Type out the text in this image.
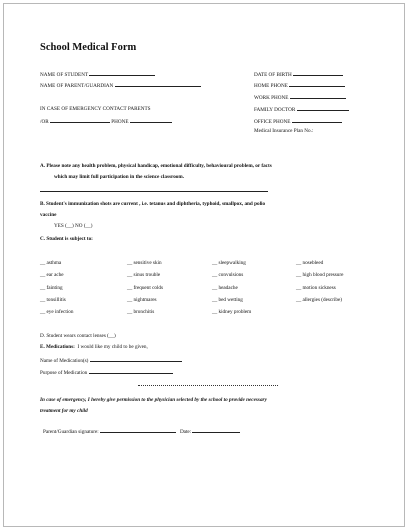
School Medical Form
NAME OF STUDENT
NAME OF PARENT/GUARDIAN
IN CASE OF EMERGENCY CONTACT PARENTS
/OR	PHONE
DATE OF BIRTH
HOME PHONE
WORK PHONE
FAMILY DOCTOR
OFFICE PHONE
Medical Insurance Plan No.:
A. Please note any health problem, physical handicap, emotional difficulty, behavioural problem, or facts
which may limit full participation in the science classroom.
B. Student's immunization shots are current , i.e. tetanus and diphtheria, typhoid, smallpox, and polio
vaccine
YES (__) NO (__)
C. Student is subject to:
__ asthma	__ sensitive skin	__ sleepwalking	__ nosebleed
__ ear ache	__ sinus trouble	__ convulsions	__ high blood pressure
__ fainting	__ frequent colds	__ headache	__ motion sickness
__ tonsillitis	__ nightmares	__ bed wetting	__ allergies (describe)
__ eye infection	__ bronchitis	__ kidney problem
D. Student wears contact lenses (__)
E. Medications: I would like my child to be given,
Name of Medication(s)
Purpose of Medication
In case of emergency, I hereby give permission to the physician selected by the school to provide necessary
treatment for my child
Parent/Guardian signature:	Date:
